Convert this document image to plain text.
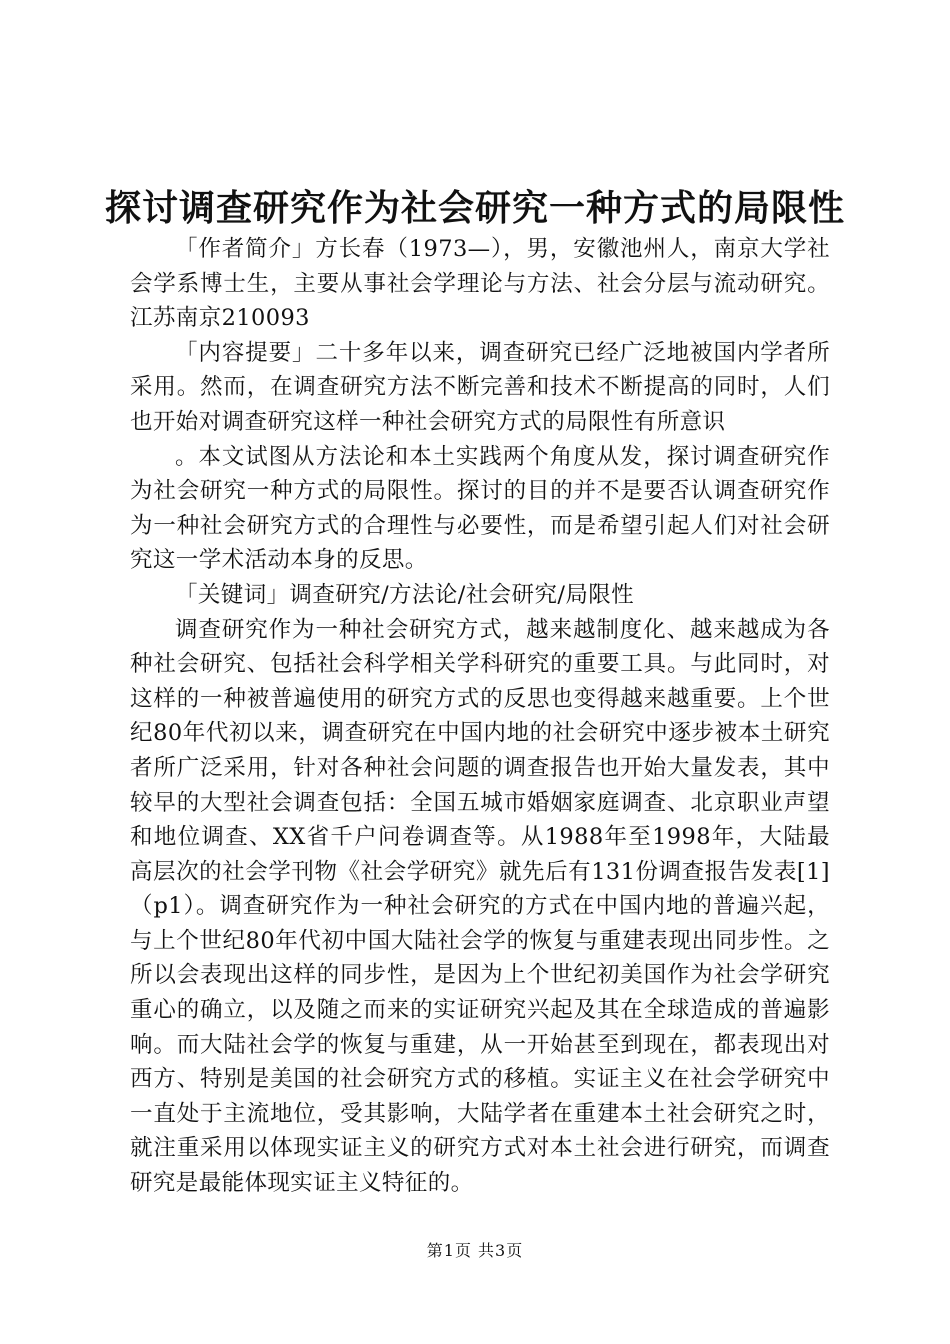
探讨调查研究作为社会研究一种方式的局限性

「作者简介」方长春（1973—），男，安徽池州人，南京大学社会学系博士生，主要从事社会学理论与方法、社会分层与流动研究。江苏南京210093

「内容提要」二十多年以来，调查研究已经广泛地被国内学者所采用。然而，在调查研究方法不断完善和技术不断提高的同时，人们也开始对调查研究这样一种社会研究方式的局限性有所意识

。本文试图从方法论和本土实践两个角度从发，探讨调查研究作为社会研究一种方式的局限性。探讨的目的并不是要否认调查研究作为一种社会研究方式的合理性与必要性，而是希望引起人们对社会研究这一学术活动本身的反思。

「关键词」调查研究/方法论/社会研究/局限性

调查研究作为一种社会研究方式，越来越制度化、越来越成为各种社会研究、包括社会科学相关学科研究的重要工具。与此同时，对这样的一种被普遍使用的研究方式的反思也变得越来越重要。上个世纪80年代初以来，调查研究在中国内地的社会研究中逐步被本土研究者所广泛采用，针对各种社会问题的调查报告也开始大量发表，其中较早的大型社会调查包括：全国五城市婚姻家庭调查、北京职业声望和地位调查、XX省千户问卷调查等。从1988年至1998年，大陆最高层次的社会学刊物《社会学研究》就先后有131份调查报告发表[1]（p1）。调查研究作为一种社会研究的方式在中国内地的普遍兴起，与上个世纪80年代初中国大陆社会学的恢复与重建表现出同步性。之所以会表现出这样的同步性，是因为上个世纪初美国作为社会学研究重心的确立，以及随之而来的实证研究兴起及其在全球造成的普遍影响。而大陆社会学的恢复与重建，从一开始甚至到现在，都表现出对西方、特别是美国的社会研究方式的移植。实证主义在社会学研究中一直处于主流地位，受其影响，大陆学者在重建本土社会研究之时，就注重采用以体现实证主义的研究方式对本土社会进行研究，而调查研究是最能体现实证主义特征的。

第1页 共3页
